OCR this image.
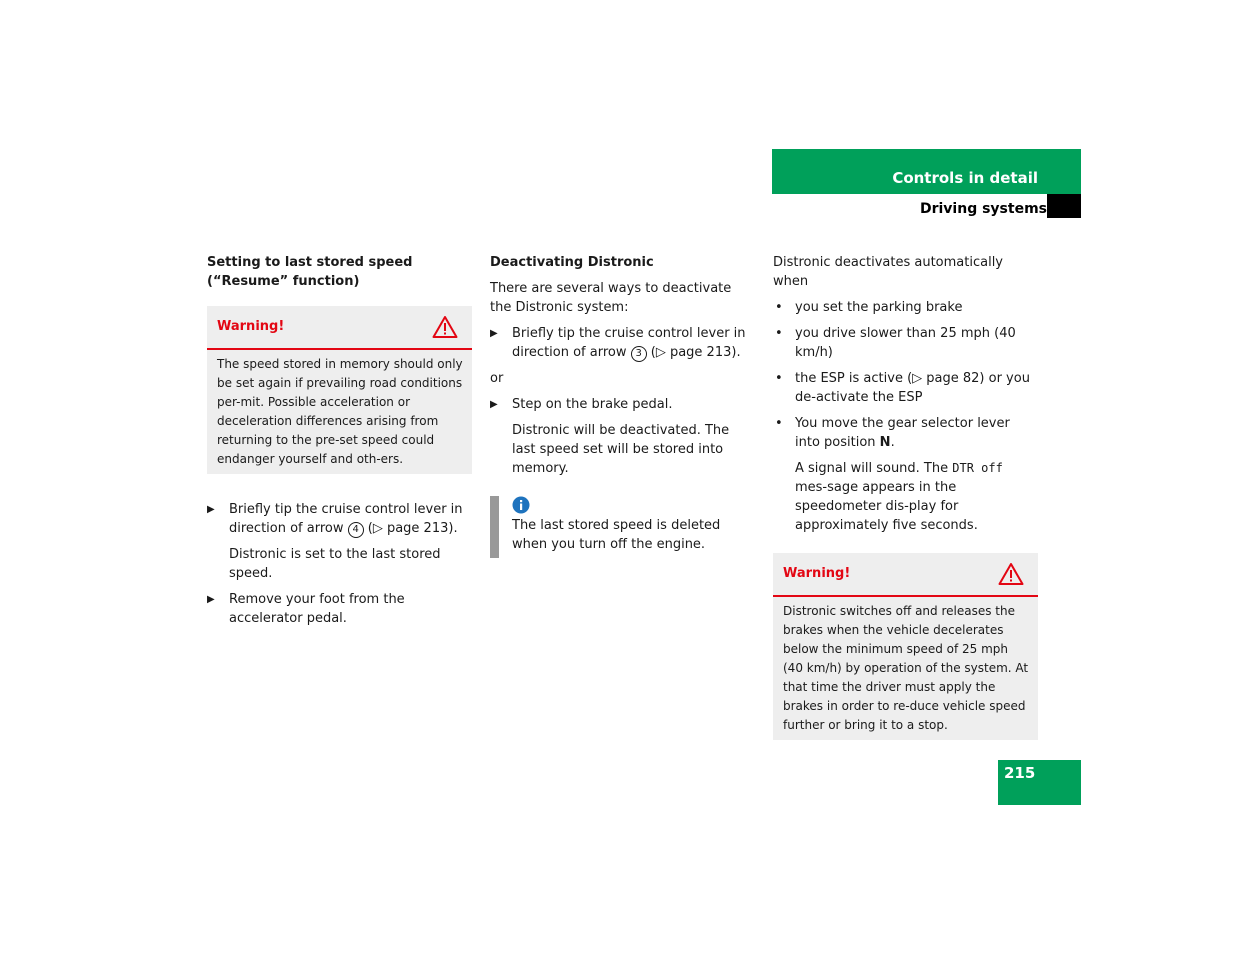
Controls in detail
Driving systems
Setting to last stored speed (“Resume” function)
Warning!
The speed stored in memory should only be set again if prevailing road conditions per-mit. Possible acceleration or deceleration differences arising from returning to the pre-set speed could endanger yourself and oth-ers.
▶ Briefly tip the cruise control lever in direction of arrow 4 (▷ page 213).
Distronic is set to the last stored speed.
▶ Remove your foot from the accelerator pedal.
Deactivating Distronic

There are several ways to deactivate the Distronic system:

▶ Briefly tip the cruise control lever in direction of arrow 3 (▷ page 213).

or

▶ Step on the brake pedal.
Distronic will be deactivated. The last speed set will be stored into memory.
The last stored speed is deleted when you turn off the engine.

Distronic deactivates automatically when

• you set the parking brake
• you drive slower than 25 mph (40 km/h)
• the ESP is active (▷ page 82) or you de-activate the ESP
• You move the gear selector lever into position N.
A signal will sound. The DTR off mes-sage appears in the speedometer dis-play for approximately five seconds.
Warning!
Distronic switches off and releases the brakes when the vehicle decelerates below the minimum speed of 25 mph (40 km/h) by operation of the system. At that time the driver must apply the brakes in order to re-duce vehicle speed further or bring it to a stop.
215
